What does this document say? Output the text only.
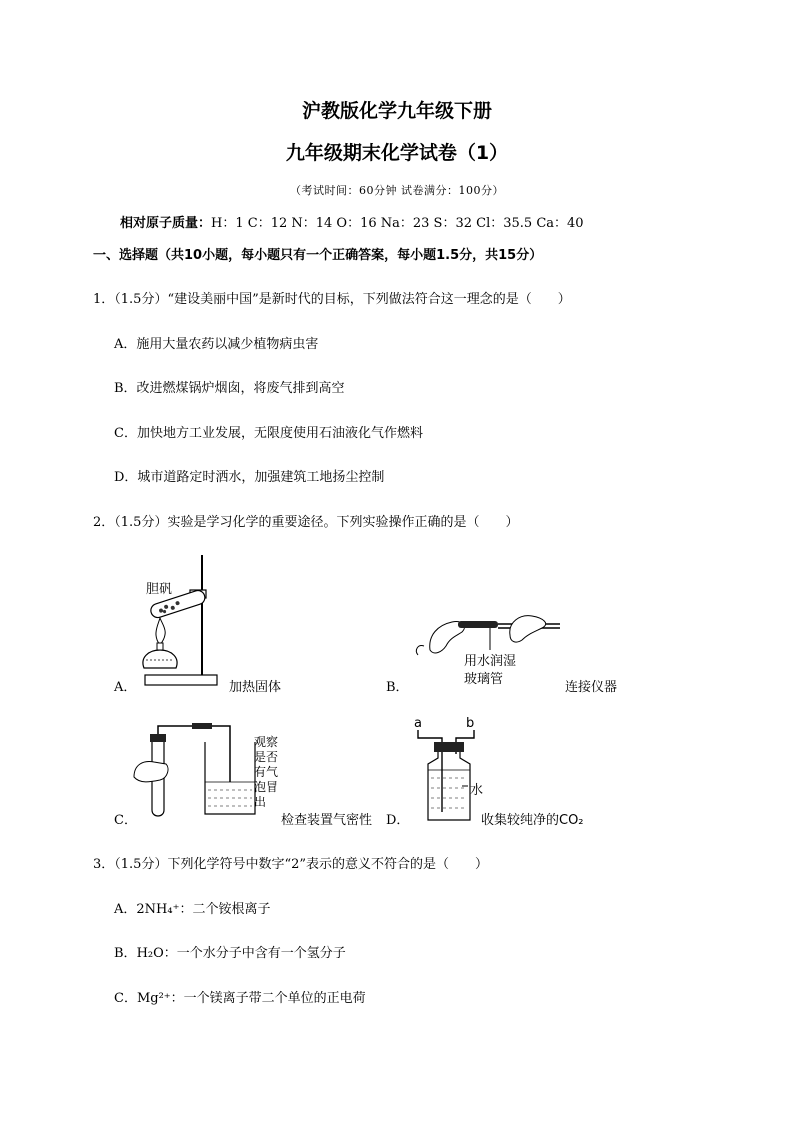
沪教版化学九年级下册
九年级期末化学试卷（1）
（考试时间：60分钟 试卷满分：100分）
相对原子质量：H：1 C：12 N：14 O：16 Na：23 S：32 Cl：35.5 Ca：40
一、选择题（共10小题，每小题只有一个正确答案，每小题1.5分，共15分）
1．（1.5分）“建设美丽中国”是新时代的目标，下列做法符合这一理念的是（　　）
A．施用大量农药以减少植物病虫害
B．改进燃煤锅炉烟囱，将废气排到高空
C．加快地方工业发展，无限度使用石油液化气作燃料
D．城市道路定时洒水，加强建筑工地扬尘控制
2．（1.5分）实验是学习化学的重要途径。下列实验操作正确的是（　　）
胆矾
A．	加热固体
用水润湿
玻璃管
B．	连接仪器
观察
是否
有气
泡冒
出
C．	检查装置气密性
a	b
水
D．	收集较纯净的CO₂
3．（1.5分）下列化学符号中数字“2”表示的意义不符合的是（　　）
A．2NH₄⁺：二个铵根离子
B．H₂O：一个水分子中含有一个氢分子
C．Mg²⁺：一个镁离子带二个单位的正电荷
